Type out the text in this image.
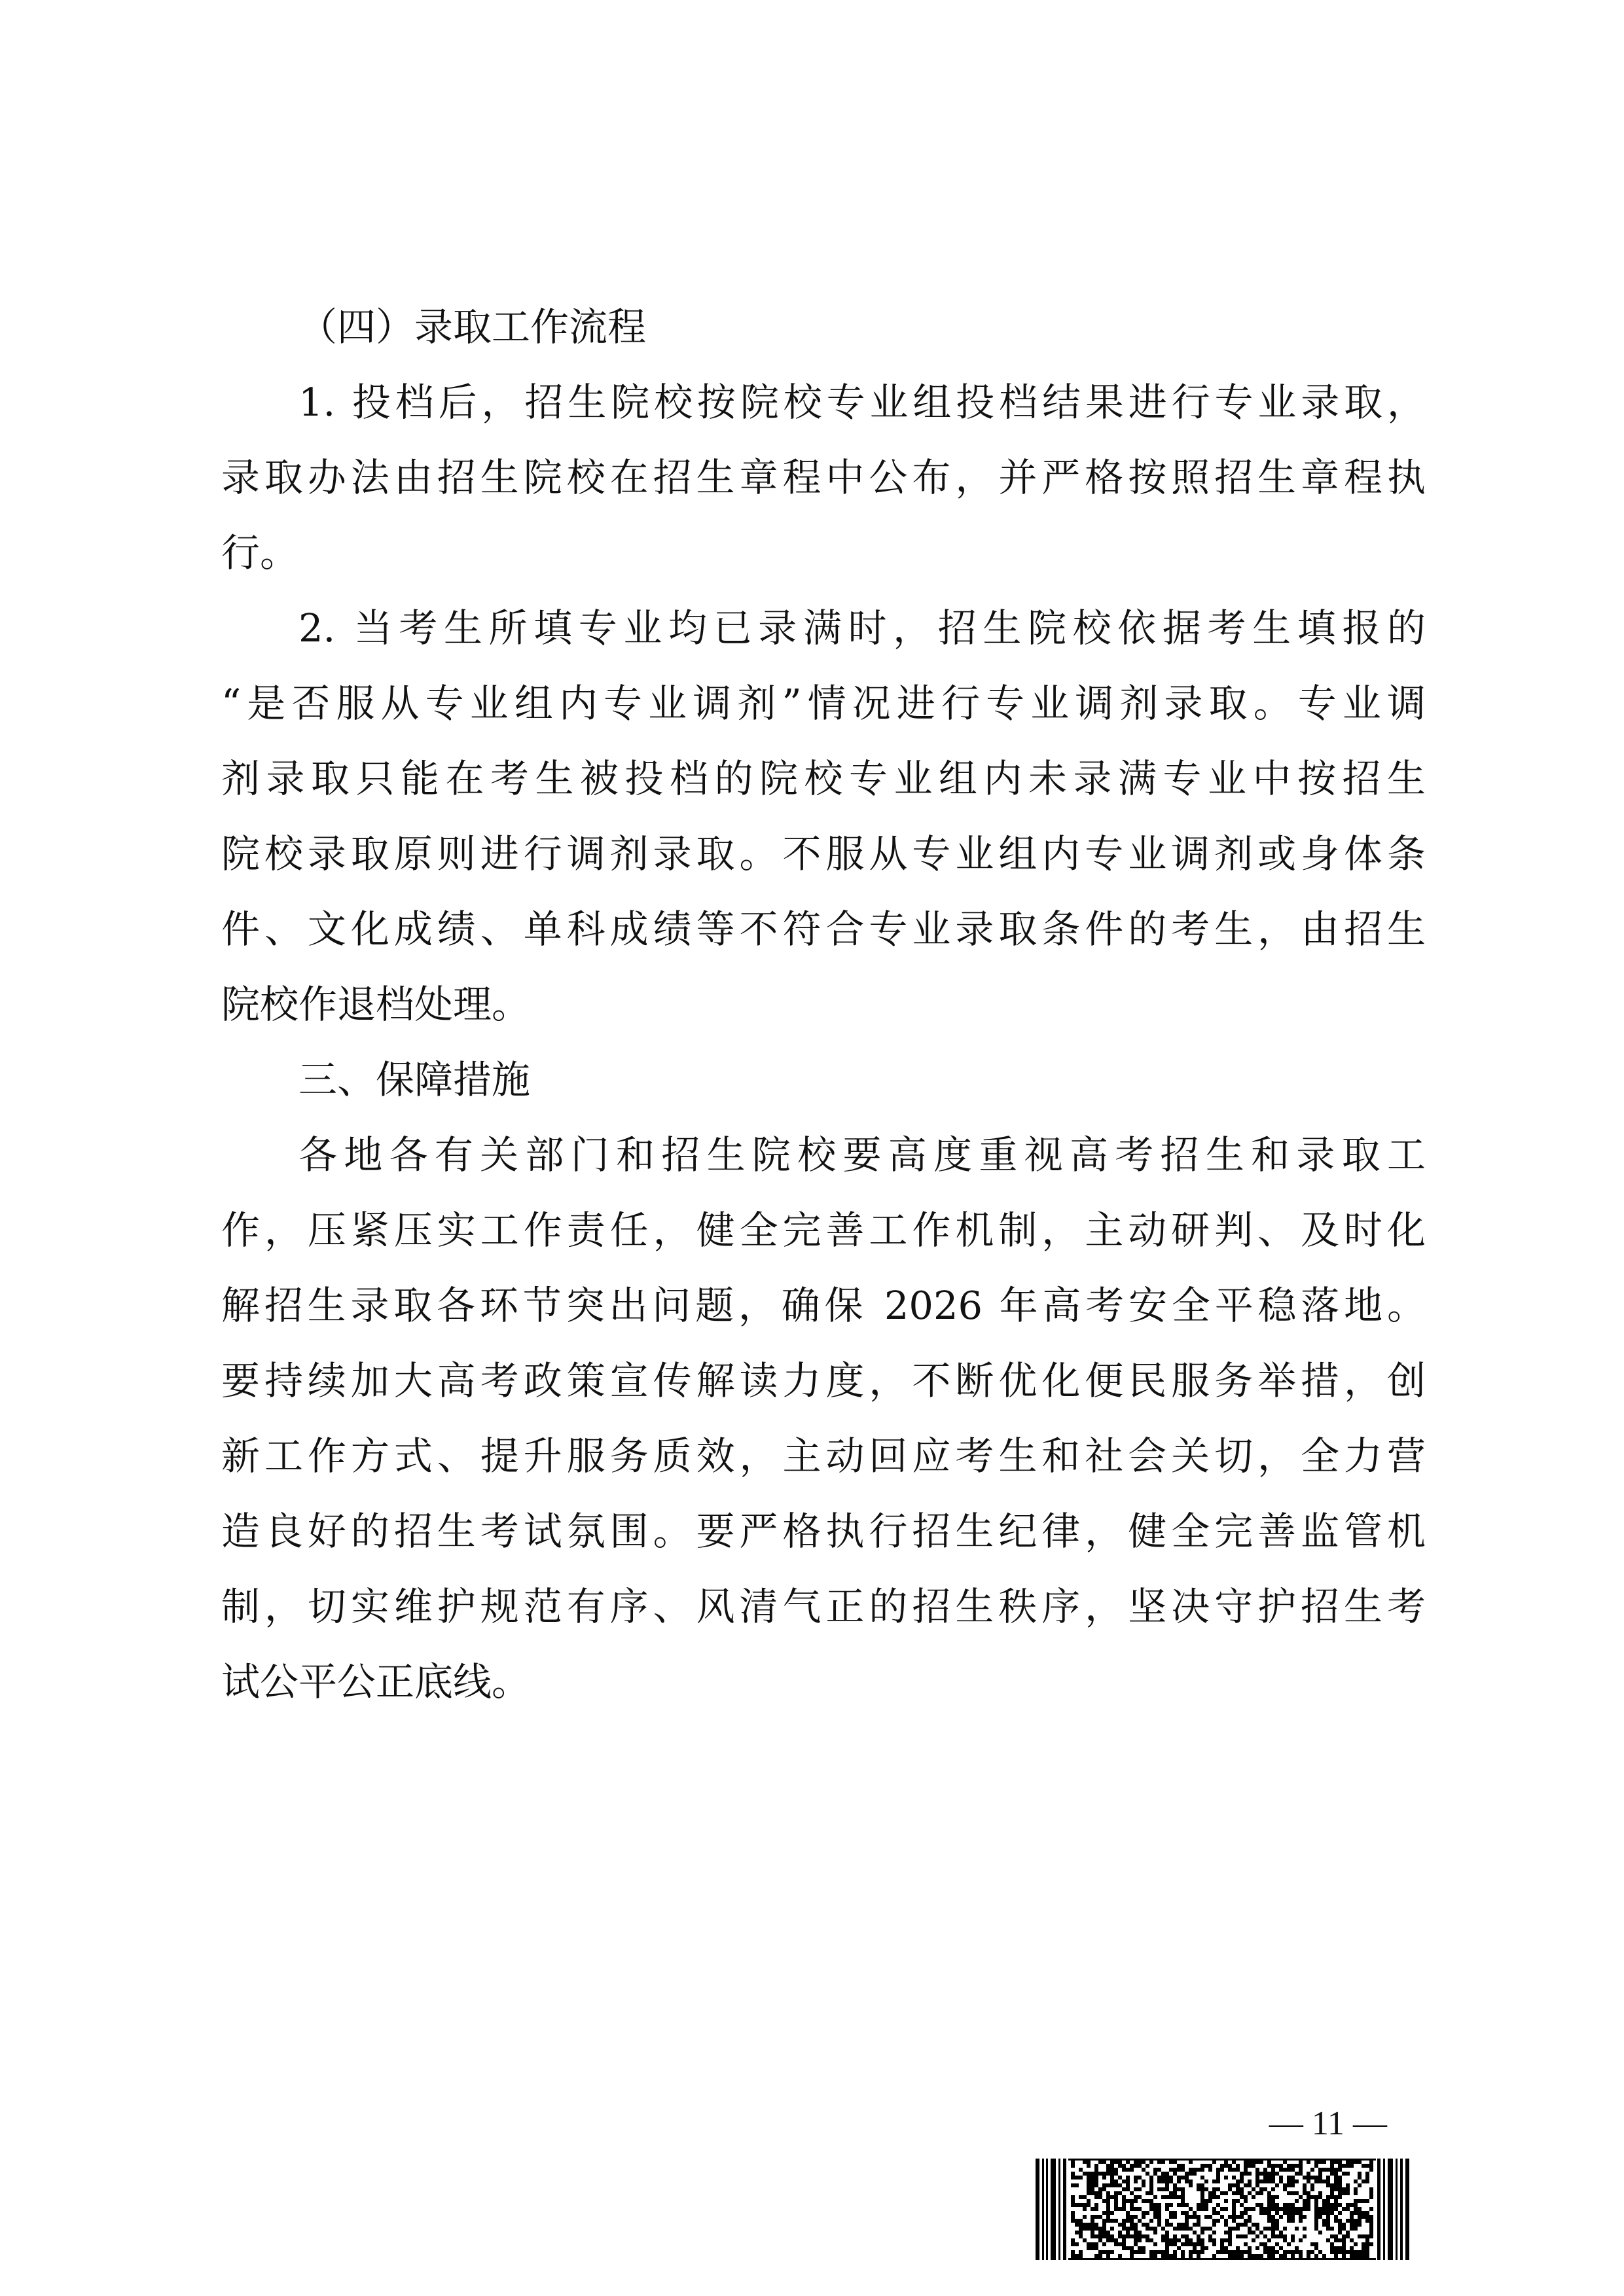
（四）录取工作流程
1. 投档后，招生院校按院校专业组投档结果进行专业录取，
录取办法由招生院校在招生章程中公布，并严格按照招生章程执
行。
2. 当考生所填专业均已录满时，招生院校依据考生填报的
“是否服从专业组内专业调剂”情况进行专业调剂录取。专业调
剂录取只能在考生被投档的院校专业组内未录满专业中按招生
院校录取原则进行调剂录取。不服从专业组内专业调剂或身体条
件、文化成绩、单科成绩等不符合专业录取条件的考生，由招生
院校作退档处理。
三、保障措施
各地各有关部门和招生院校要高度重视高考招生和录取工
作，压紧压实工作责任，健全完善工作机制，主动研判、及时化
解招生录取各环节突出问题，确保 2026 年高考安全平稳落地。
要持续加大高考政策宣传解读力度，不断优化便民服务举措，创
新工作方式、提升服务质效，主动回应考生和社会关切，全力营
造良好的招生考试氛围。要严格执行招生纪律，健全完善监管机
制，切实维护规范有序、风清气正的招生秩序，坚决守护招生考
试公平公正底线。
— 11 —
